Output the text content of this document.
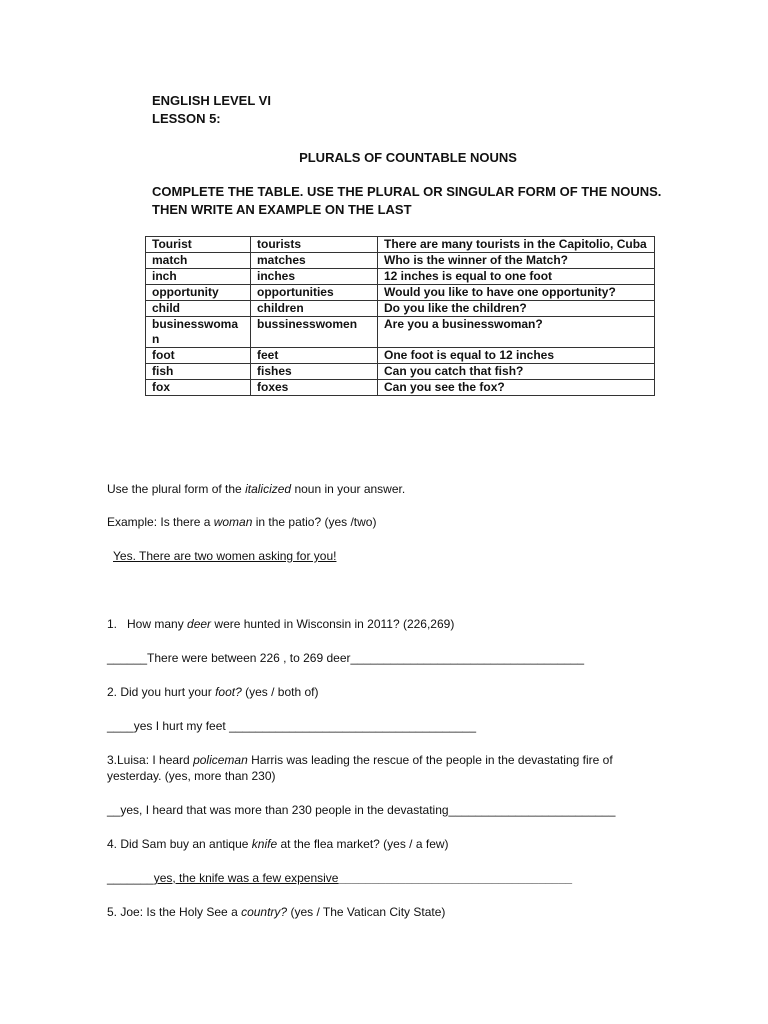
ENGLISH LEVEL VI
LESSON 5:
PLURALS OF COUNTABLE NOUNS
COMPLETE THE TABLE. USE THE PLURAL OR SINGULAR FORM OF THE NOUNS.
THEN WRITE AN EXAMPLE ON THE LAST
Tourist	tourists	There are many tourists in the Capitolio, Cuba
match	matches	Who is the winner of the Match?
inch	inches	12 inches is equal to one foot
opportunity	opportunities	Would you like to have one opportunity?
child	children	Do you like the children?
businesswoma n	bussinesswomen	Are you a businesswoman?
foot	feet	One foot is equal to 12 inches
fish	fishes	Can you catch that fish?
fox	foxes	Can you see the fox?
Use the plural form of the italicized noun in your answer.
Example: Is there a woman in the patio? (yes /two)
Yes. There are two women asking for you!
1.   How many deer were hunted in Wisconsin in 2011? (226,269)
______There were between 226 , to 269 deer___________________________________
2. Did you hurt your foot? (yes / both of)
____yes I hurt my feet _____________________________________
3.Luisa: I heard policeman Harris was leading the rescue of the people in the devastating fire of yesterday. (yes, more than 230)
__yes, I heard that was more than 230 people in the devastating_________________________
4. Did Sam buy an antique knife at the flea market? (yes / a few)
_______yes, the knife was a few expensive___________________________________
5. Joe: Is the Holy See a country? (yes / The Vatican City State)
